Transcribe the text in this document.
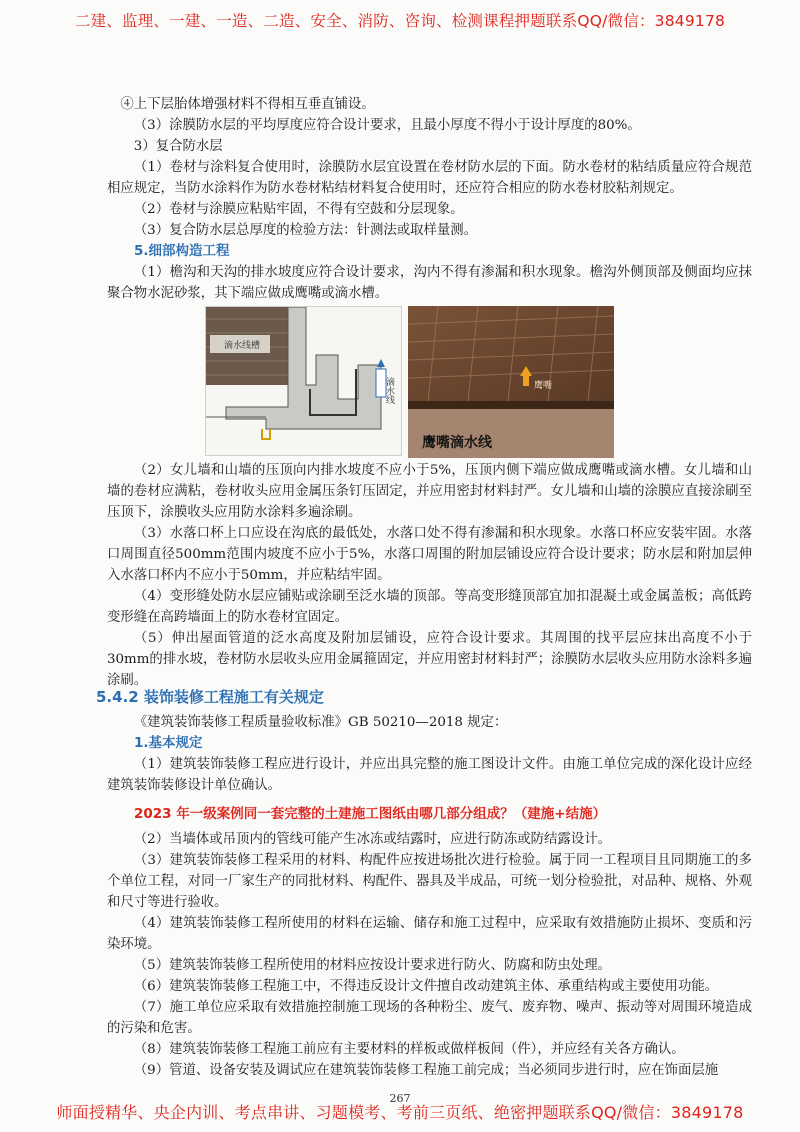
二建、监理、一建、一造、二造、安全、消防、咨询、检测课程押题联系QQ/微信：3849178

④上下层胎体增强材料不得相互垂直铺设。

（3）涂膜防水层的平均厚度应符合设计要求，且最小厚度不得小于设计厚度的80%。

3）复合防水层

（1）卷材与涂料复合使用时，涂膜防水层宜设置在卷材防水层的下面。防水卷材的粘结质量应符合规范相应规定，当防水涂料作为防水卷材粘结材料复合使用时，还应符合相应的防水卷材胶粘剂规定。

（2）卷材与涂膜应粘贴牢固，不得有空鼓和分层现象。

（3）复合防水层总厚度的检验方法：针测法或取样量测。

5.细部构造工程

（1）檐沟和天沟的排水坡度应符合设计要求，沟内不得有渗漏和积水现象。檐沟外侧顶部及侧面均应抹聚合物水泥砂浆，其下端应做成鹰嘴或滴水槽。

滴水线槽
滴水线	鹰嘴
鹰嘴滴水线

（2）女儿墙和山墙的压顶向内排水坡度不应小于5%，压顶内侧下端应做成鹰嘴或滴水槽。女儿墙和山墙的卷材应满粘，卷材收头应用金属压条钉压固定，并应用密封材料封严。女儿墙和山墙的涂膜应直接涂刷至压顶下，涂膜收头应用防水涂料多遍涂刷。

（3）水落口杯上口应设在沟底的最低处，水落口处不得有渗漏和积水现象。水落口杯应安装牢固。水落口周围直径500mm范围内坡度不应小于5%，水落口周围的附加层铺设应符合设计要求；防水层和附加层伸入水落口杯内不应小于50mm，并应粘结牢固。

（4）变形缝处防水层应铺贴或涂刷至泛水墙的顶部。等高变形缝顶部宜加扣混凝土或金属盖板；高低跨变形缝在高跨墙面上的防水卷材宜固定。

（5）伸出屋面管道的泛水高度及附加层铺设，应符合设计要求。其周围的找平层应抹出高度不小于30mm的排水坡，卷材防水层收头应用金属箍固定，并应用密封材料封严；涂膜防水层收头应用防水涂料多遍涂刷。

5.4.2 装饰装修工程施工有关规定

《建筑装饰装修工程质量验收标准》GB 50210—2018 规定：

1.基本规定

（1）建筑装饰装修工程应进行设计，并应出具完整的施工图设计文件。由施工单位完成的深化设计应经建筑装饰装修设计单位确认。

2023 年一级案例同一套完整的土建施工图纸由哪几部分组成？（建施+结施）

（2）当墙体或吊顶内的管线可能产生冰冻或结露时，应进行防冻或防结露设计。

（3）建筑装饰装修工程采用的材料、构配件应按进场批次进行检验。属于同一工程项目且同期施工的多个单位工程，对同一厂家生产的同批材料、构配件、器具及半成品，可统一划分检验批，对品种、规格、外观和尺寸等进行验收。

（4）建筑装饰装修工程所使用的材料在运输、储存和施工过程中，应采取有效措施防止损坏、变质和污染环境。

（5）建筑装饰装修工程所使用的材料应按设计要求进行防火、防腐和防虫处理。

（6）建筑装饰装修工程施工中，不得违反设计文件擅自改动建筑主体、承重结构或主要使用功能。

（7）施工单位应采取有效措施控制施工现场的各种粉尘、废气、废弃物、噪声、振动等对周围环境造成的污染和危害。

（8）建筑装饰装修工程施工前应有主要材料的样板或做样板间（件），并应经有关各方确认。

（9）管道、设备安装及调试应在建筑装饰装修工程施工前完成；当必须同步进行时，应在饰面层施

267
师面授精华、央企内训、考点串讲、习题模考、考前三页纸、绝密押题联系QQ/微信：3849178
